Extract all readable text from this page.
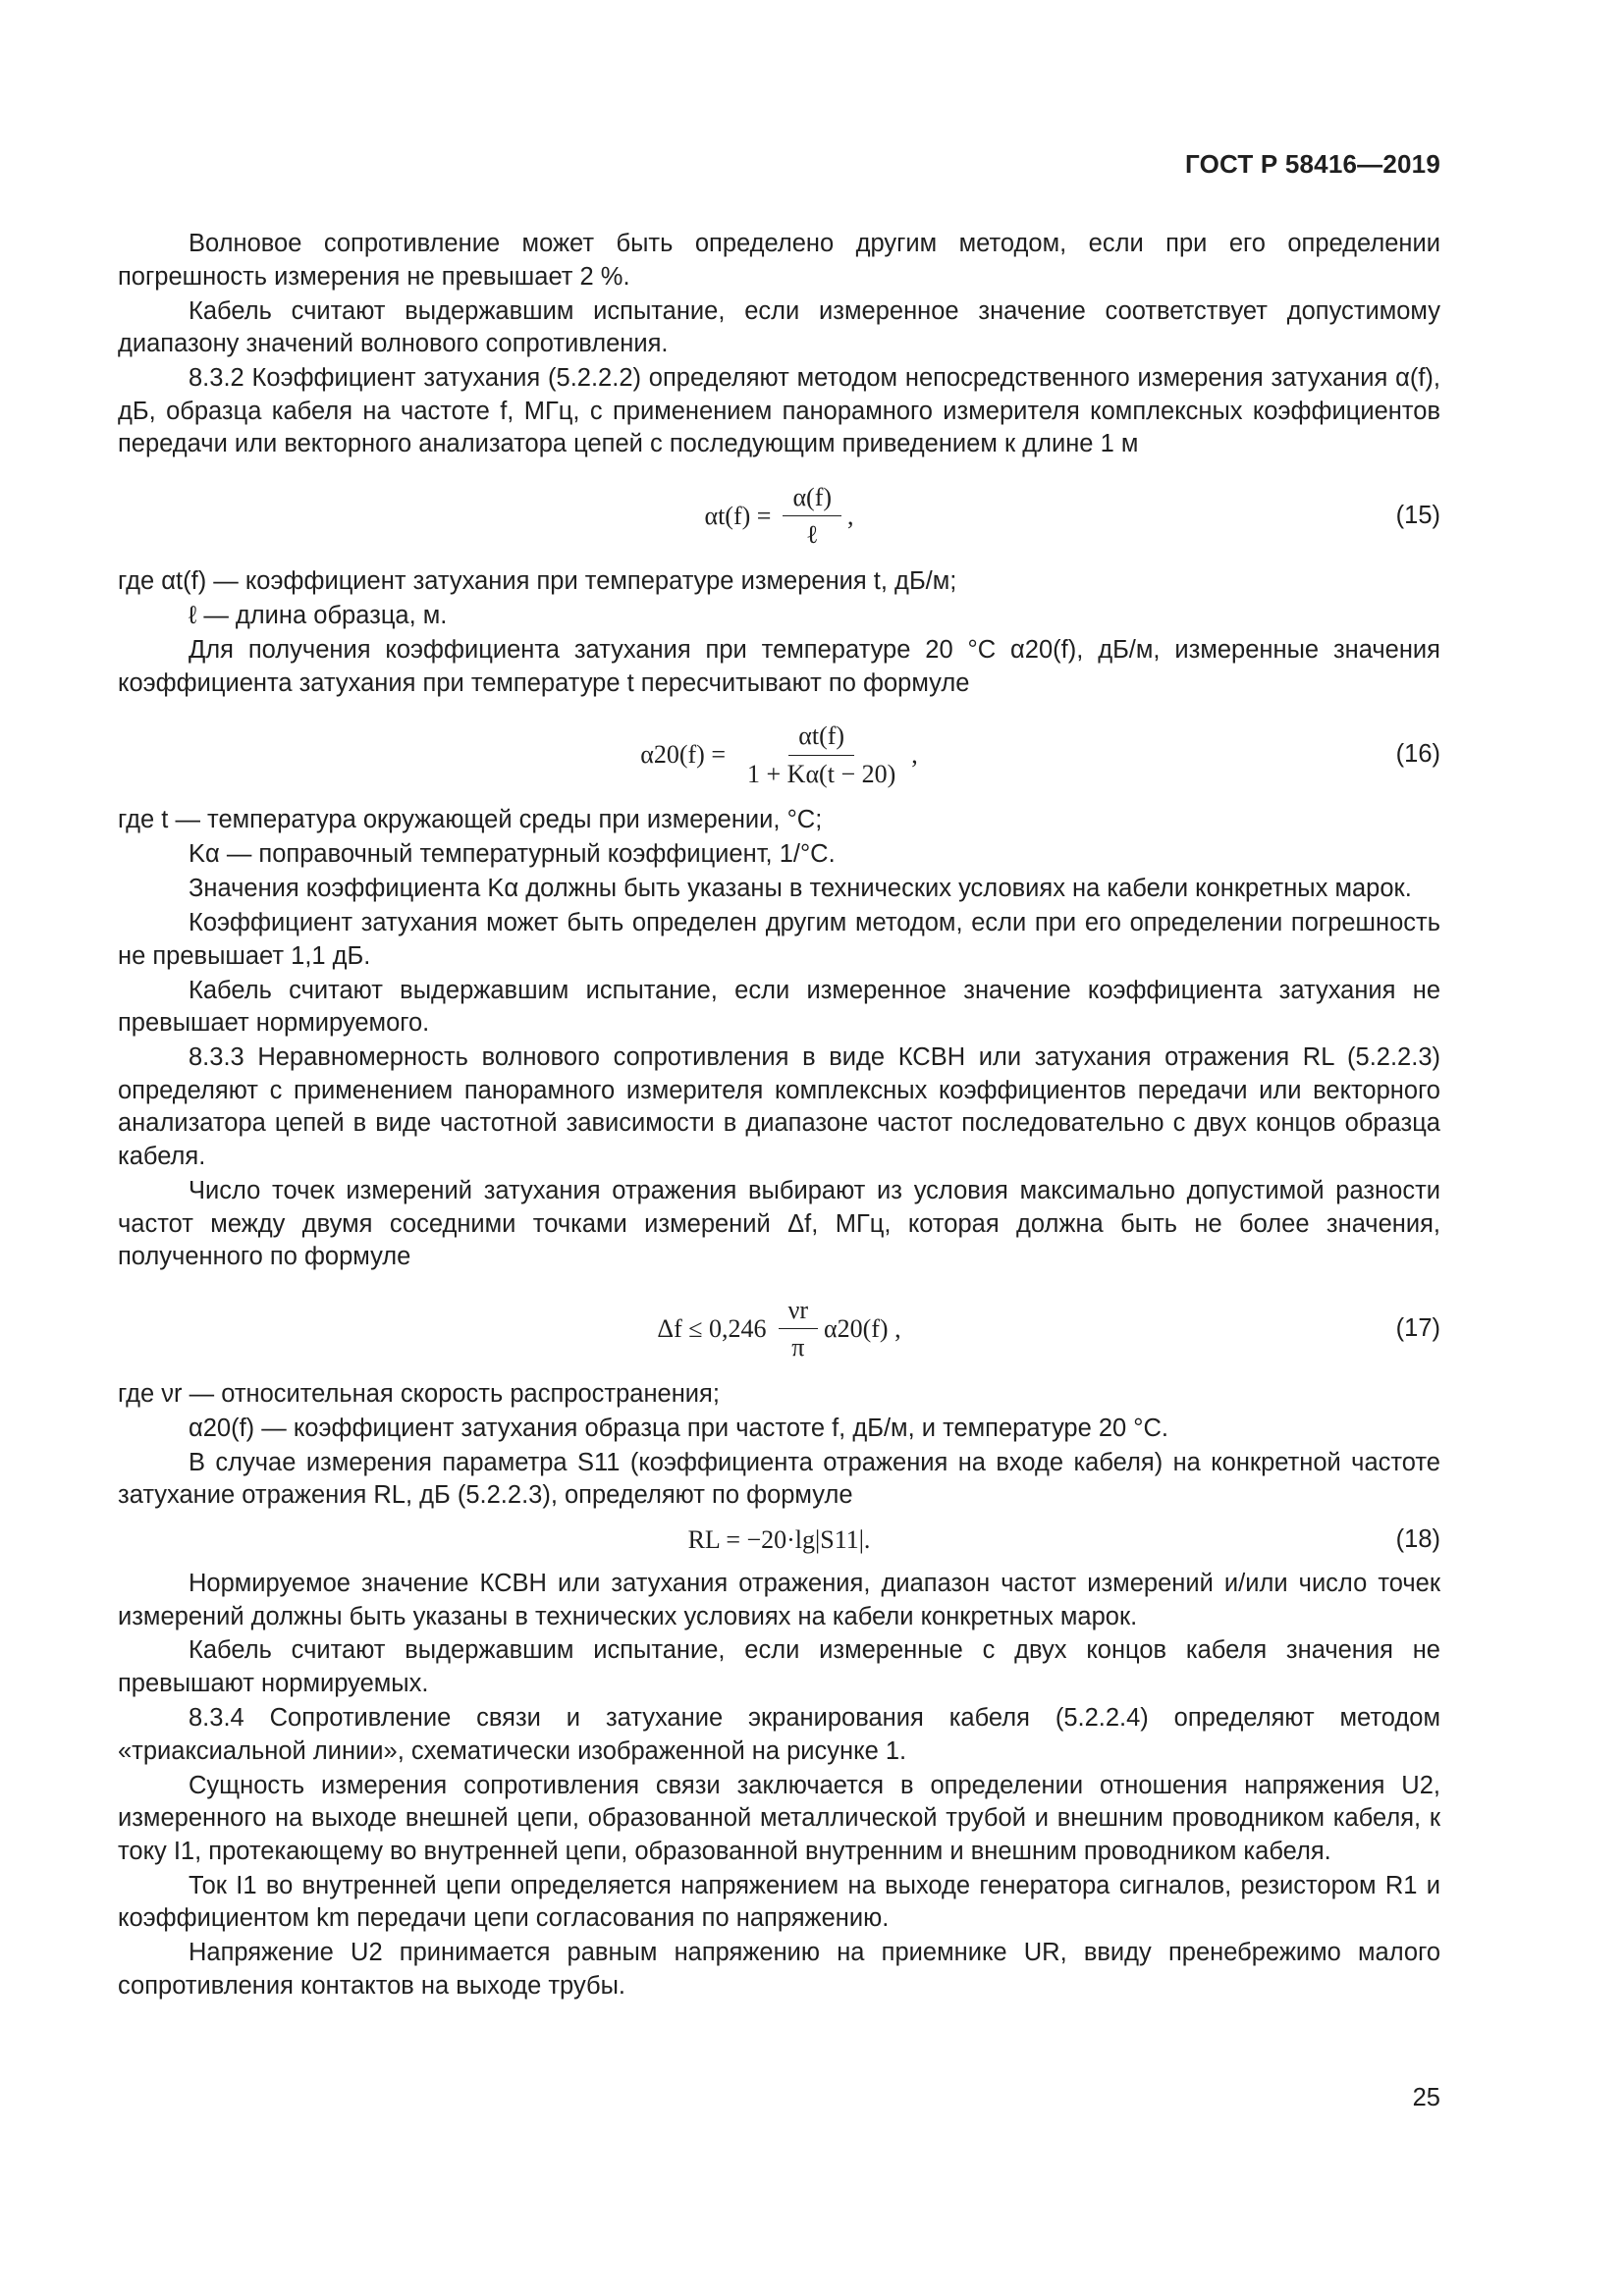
ГОСТ Р 58416—2019

Волновое сопротивление может быть определено другим методом, если при его определении погрешность измерения не превышает 2 %.

Кабель считают выдержавшим испытание, если измеренное значение соответствует допустимому диапазону значений волнового сопротивления.

8.3.2 Коэффициент затухания (5.2.2.2) определяют методом непосредственного измерения затухания α(f), дБ, образца кабеля на частоте f, МГц, с применением панорамного измерителя комплексных коэффициентов передачи или векторного анализатора цепей с последующим приведением к длине 1 м

$\alpha t(f) = \frac{\alpha(f)}{\text{ℓ}}$ ,	(15)

где αt(f) — коэффициент затухания при температуре измерения t, дБ/м;

ℓ — длина образца, м.

Для получения коэффициента затухания при температуре 20 °С α20(f), дБ/м, измеренные значения коэффициента затухания при температуре t пересчитывают по формуле

$\alpha 20(f) = \frac{\alpha t(f)}{1 + K\alpha(t - 20)}$ ,	(16)

где t — температура окружающей среды при измерении, °С;

Kα — поправочный температурный коэффициент, 1/°С.

Значения коэффициента Kα должны быть указаны в технических условиях на кабели конкретных марок.

Коэффициент затухания может быть определен другим методом, если при его определении погрешность не превышает 1,1 дБ.

Кабель считают выдержавшим испытание, если измеренное значение коэффициента затухания не превышает нормируемого.

8.3.3 Неравномерность волнового сопротивления в виде КСВН или затухания отражения RL (5.2.2.3) определяют с применением панорамного измерителя комплексных коэффициентов передачи или векторного анализатора цепей в виде частотной зависимости в диапазоне частот последовательно с двух концов образца кабеля.

Число точек измерений затухания отражения выбирают из условия максимально допустимой разности частот между двумя соседними точками измерений Δf, МГц, которая должна быть не более значения, полученного по формуле

$\Delta f \le 0,246 \frac{\nu r}{\pi} \alpha 20(f)$ ,	(17)

где νr — относительная скорость распространения;

α20(f) — коэффициент затухания образца при частоте f, дБ/м, и температуре 20 °С.

В случае измерения параметра S11 (коэффициента отражения на входе кабеля) на конкретной частоте затухание отражения RL, дБ (5.2.2.3), определяют по формуле

RL = −20·lg|S11|.	(18)

Нормируемое значение КСВН или затухания отражения, диапазон частот измерений и/или число точек измерений должны быть указаны в технических условиях на кабели конкретных марок.

Кабель считают выдержавшим испытание, если измеренные с двух концов кабеля значения не превышают нормируемых.

8.3.4 Сопротивление связи и затухание экранирования кабеля (5.2.2.4) определяют методом «триаксиальной линии», схематически изображенной на рисунке 1.

Сущность измерения сопротивления связи заключается в определении отношения напряжения U2, измеренного на выходе внешней цепи, образованной металлической трубой и внешним проводником кабеля, к току I1, протекающему во внутренней цепи, образованной внутренним и внешним проводником кабеля.

Ток I1 во внутренней цепи определяется напряжением на выходе генератора сигналов, резистором R1 и коэффициентом km передачи цепи согласования по напряжению.

Напряжение U2 принимается равным напряжению на приемнике UR, ввиду пренебрежимо малого сопротивления контактов на выходе трубы.

25
